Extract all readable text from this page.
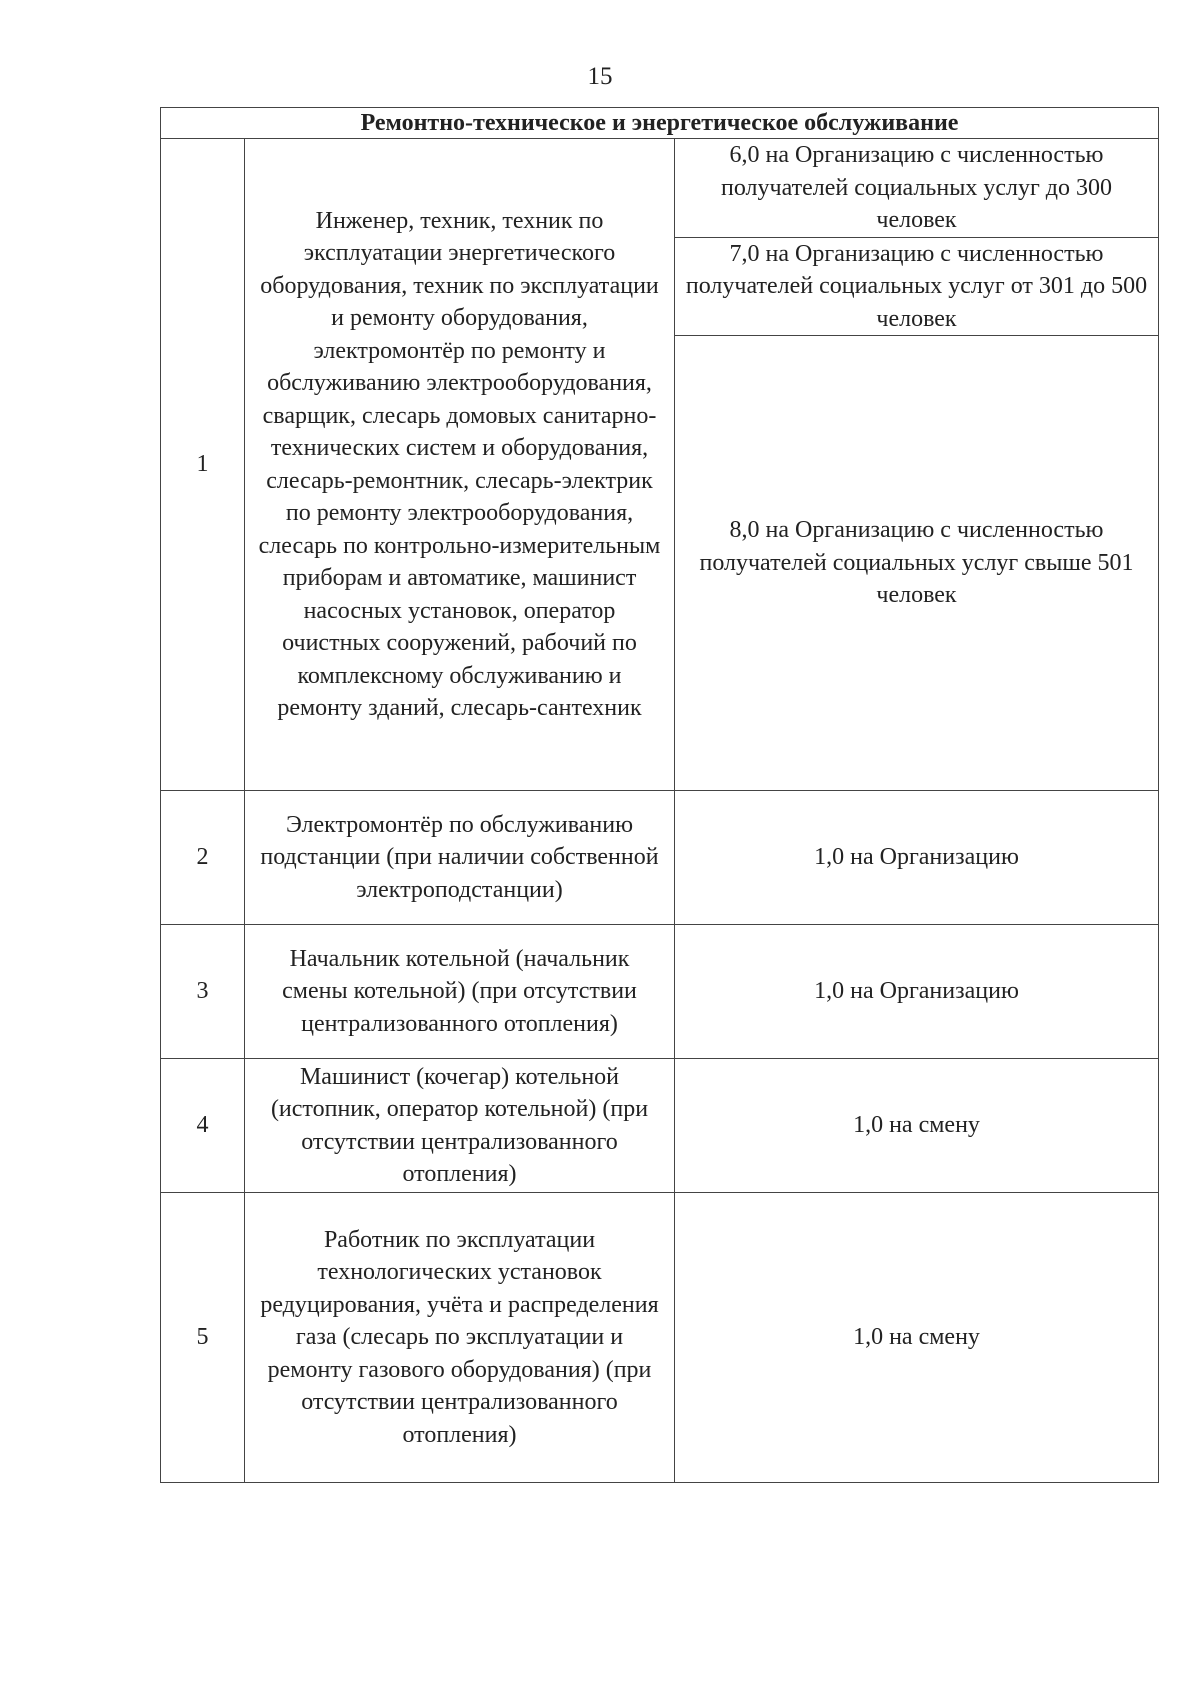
15
Ремонтно-техническое и энергетическое обслуживание		
1	Инженер, техник, техник по эксплуатации энергетического оборудования, техник по эксплуатации и ремонту оборудования, электромонтёр по ремонту и обслуживанию электрооборудования, сварщик, слесарь домовых санитарно-технических систем и оборудования, слесарь-ремонтник, слесарь-электрик по ремонту электрооборудования, слесарь по контрольно-измерительным приборам и автоматике, машинист насосных установок, оператор очистных сооружений, рабочий по комплексному обслуживанию и ремонту зданий, слесарь-сантехник	6,0 на Организацию с численностью получателей социальных услуг до 300 человек
		7,0 на Организацию с численностью получателей социальных услуг от 301 до 500 человек
		8,0 на Организацию с численностью получателей социальных услуг свыше 501 человек
2	Электромонтёр по обслуживанию подстанции (при наличии собственной электроподстанции)	1,0 на Организацию
3	Начальник котельной (начальник смены котельной) (при отсутствии централизованного отопления)	1,0 на Организацию
4	Машинист (кочегар) котельной (истопник, оператор котельной) (при отсутствии централизованного отопления)	1,0 на смену
5	Работник по эксплуатации технологических установок редуцирования, учёта и распределения газа (слесарь по эксплуатации и ремонту газового оборудования) (при отсутствии централизованного отопления)	1,0 на смену
